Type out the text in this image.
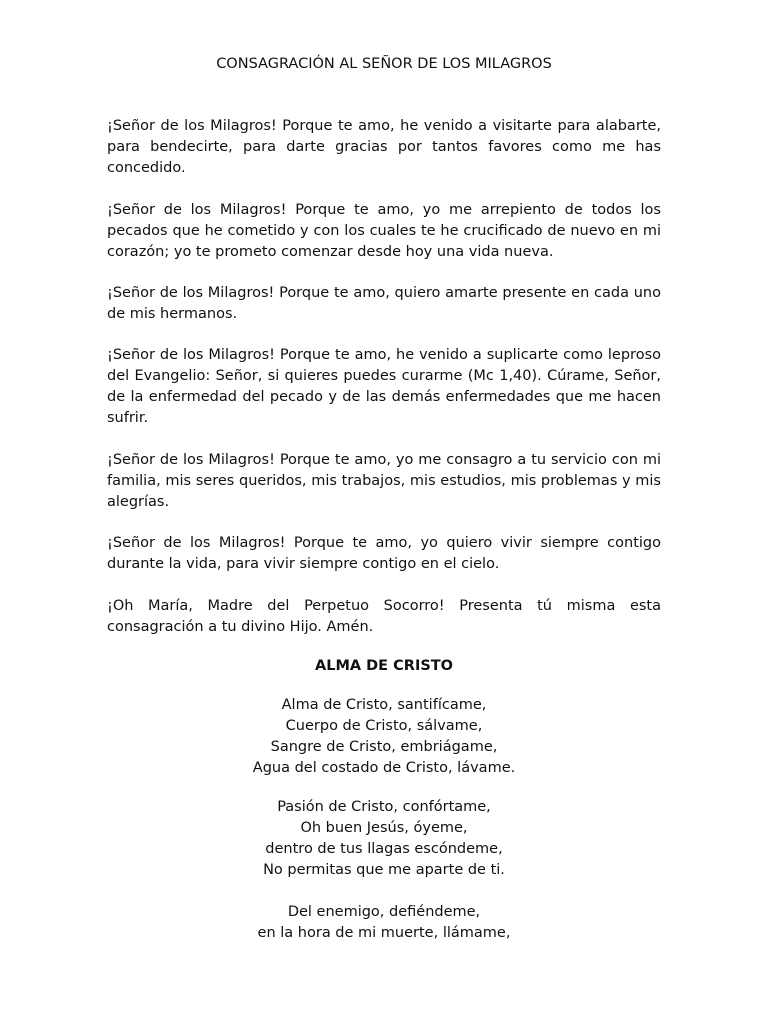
CONSAGRACIÓN AL SEÑOR DE LOS MILAGROS

¡Señor de los Milagros! Porque te amo, he venido a visitarte para alabarte, para bendecirte, para darte gracias por tantos favores como me has concedido.

¡Señor de los Milagros! Porque te amo, yo me arrepiento de todos los pecados que he cometido y con los cuales te he crucificado de nuevo en mi corazón; yo te prometo comenzar desde hoy una vida nueva.

¡Señor de los Milagros! Porque te amo, quiero amarte presente en cada uno de mis hermanos.

¡Señor de los Milagros! Porque te amo, he venido a suplicarte como leproso del Evangelio: Señor, si quieres puedes curarme (Mc 1,40). Cúrame, Señor, de la enfermedad del pecado y de las demás enfermedades que me hacen sufrir.

¡Señor de los Milagros! Porque te amo, yo me consagro a tu servicio con mi familia, mis seres queridos, mis trabajos, mis estudios, mis problemas y mis alegrías.

¡Señor de los Milagros! Porque te amo, yo quiero vivir siempre contigo durante la vida, para vivir siempre contigo en el cielo.

¡Oh María, Madre del Perpetuo Socorro! Presenta tú misma esta consagración a tu divino Hijo. Amén.

ALMA DE CRISTO
Alma de Cristo, santifícame,
Cuerpo de Cristo, sálvame,
Sangre de Cristo, embriágame,
Agua del costado de Cristo, lávame.
Pasión de Cristo, confórtame,
Oh buen Jesús, óyeme,
dentro de tus llagas escóndeme,
No permitas que me aparte de ti.
Del enemigo, defiéndeme,
en la hora de mi muerte, llámame,
